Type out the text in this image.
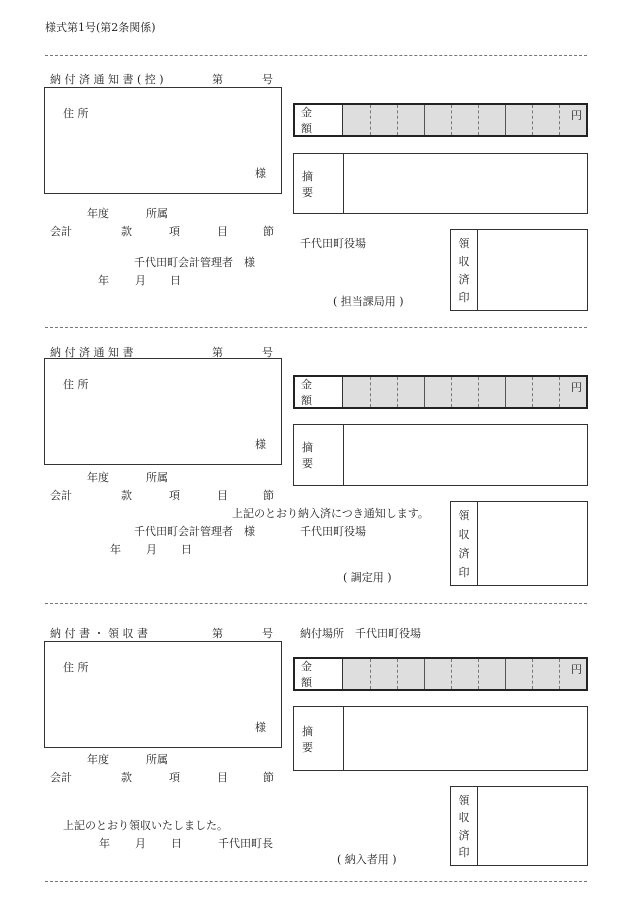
様式第1号(第2条関係)
納 付 済 通 知 書 ( 控 )	第	号
住 所
様
年度	所属
会計	款	項	目	節
千代田町会計管理者　様
年 月 日
金 額
円
摘 要
千代田町役場
( 担当課局用 )
領
収
済
印
納 付 済 通 知 書	第	号
住 所
様
年度	所属
会計	款	項	目	節
上記のとおり納入済につき通知します。
千代田町会計管理者　様	千代田町役場
年 月 日
( 調定用 )
金 額
円
摘 要
領
収
済
印
納 付 書 ・ 領 収 書	第	号 納付場所　千代田町役場
住 所
様
年度	所属
会計	款	項	目	節
上記のとおり領収いたしました。
年 月 日	千代田町長
( 納入者用 )
金 額
円
摘 要
領
収
済
印
